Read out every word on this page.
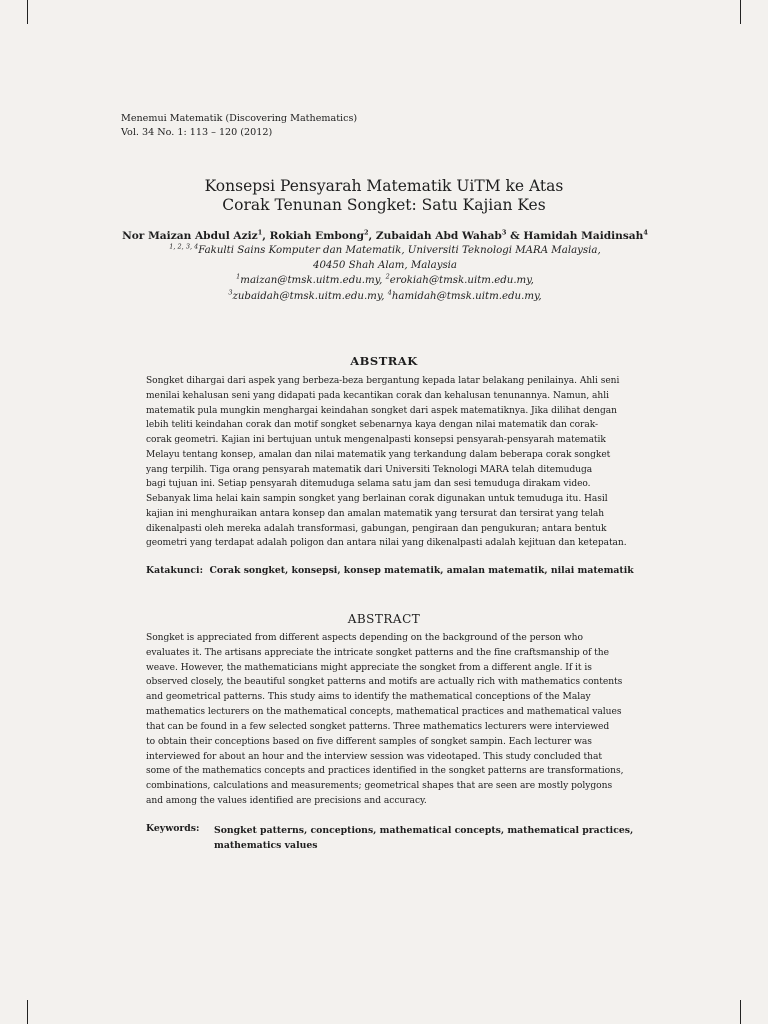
Menemui Matematik (Discovering Mathematics)
Vol. 34 No. 1: 113 – 120 (2012)
Konsepsi Pensyarah Matematik UiTM ke Atas
Corak Tenunan Songket: Satu Kajian Kes
Nor Maizan Abdul Aziz$^1$, Rokiah Embong$^2$, Zubaidah Abd Wahab$^3$ & Hamidah Maidinsah$^4$
$^{1, 2, 3, 4}$Fakulti Sains Komputer dan Matematik, Universiti Teknologi MARA Malaysia,
40450 Shah Alam, Malaysia
$^1$maizan@tmsk.uitm.edu.my, $^2$erokiah@tmsk.uitm.edu.my,
$^3$zubaidah@tmsk.uitm.edu.my, $^4$hamidah@tmsk.uitm.edu.my,
ABSTRAK
Songket dihargai dari aspek yang berbeza-beza bergantung kepada latar belakang penilainya. Ahli seni
menilai kehalusan seni yang didapati pada kecantikan corak dan kehalusan tenunannya. Namun, ahli
matematik pula mungkin menghargai keindahan songket dari aspek matematiknya. Jika dilihat dengan
lebih teliti keindahan corak dan motif songket sebenarnya kaya dengan nilai matematik dan corak-
corak geometri. Kajian ini bertujuan untuk mengenalpasti konsepsi pensyarah-pensyarah matematik
Melayu tentang konsep, amalan dan nilai matematik yang terkandung dalam beberapa corak songket
yang terpilih. Tiga orang pensyarah matematik dari Universiti Teknologi MARA telah ditemuduga
bagi tujuan ini. Setiap pensyarah ditemuduga selama satu jam dan sesi temuduga dirakam video.
Sebanyak lima helai kain sampin songket yang berlainan corak digunakan untuk temuduga itu. Hasil
kajian ini menghuraikan antara konsep dan amalan matematik yang tersurat dan tersirat yang telah
dikenalpasti oleh mereka adalah transformasi, gabungan, pengiraan dan pengukuran; antara bentuk
geometri yang terdapat adalah poligon dan antara nilai yang dikenalpasti adalah kejituan dan ketepatan.
Katakunci: Corak songket, konsepsi, konsep matematik, amalan matematik, nilai matematik
ABSTRACT
Songket is appreciated from different aspects depending on the background of the person who
evaluates it. The artisans appreciate the intricate songket patterns and the fine craftsmanship of the
weave. However, the mathematicians might appreciate the songket from a different angle. If it is
observed closely, the beautiful songket patterns and motifs are actually rich with mathematics contents
and geometrical patterns. This study aims to identify the mathematical conceptions of the Malay
mathematics lecturers on the mathematical concepts, mathematical practices and mathematical values
that can be found in a few selected songket patterns. Three mathematics lecturers were interviewed
to obtain their conceptions based on five different samples of songket sampin. Each lecturer was
interviewed for about an hour and the interview session was videotaped. This study concluded that
some of the mathematics concepts and practices identified in the songket patterns are transformations,
combinations, calculations and measurements; geometrical shapes that are seen are mostly polygons
and among the values identified are precisions and accuracy.
Keywords: Songket patterns, conceptions, mathematical concepts, mathematical practices,
mathematics values
